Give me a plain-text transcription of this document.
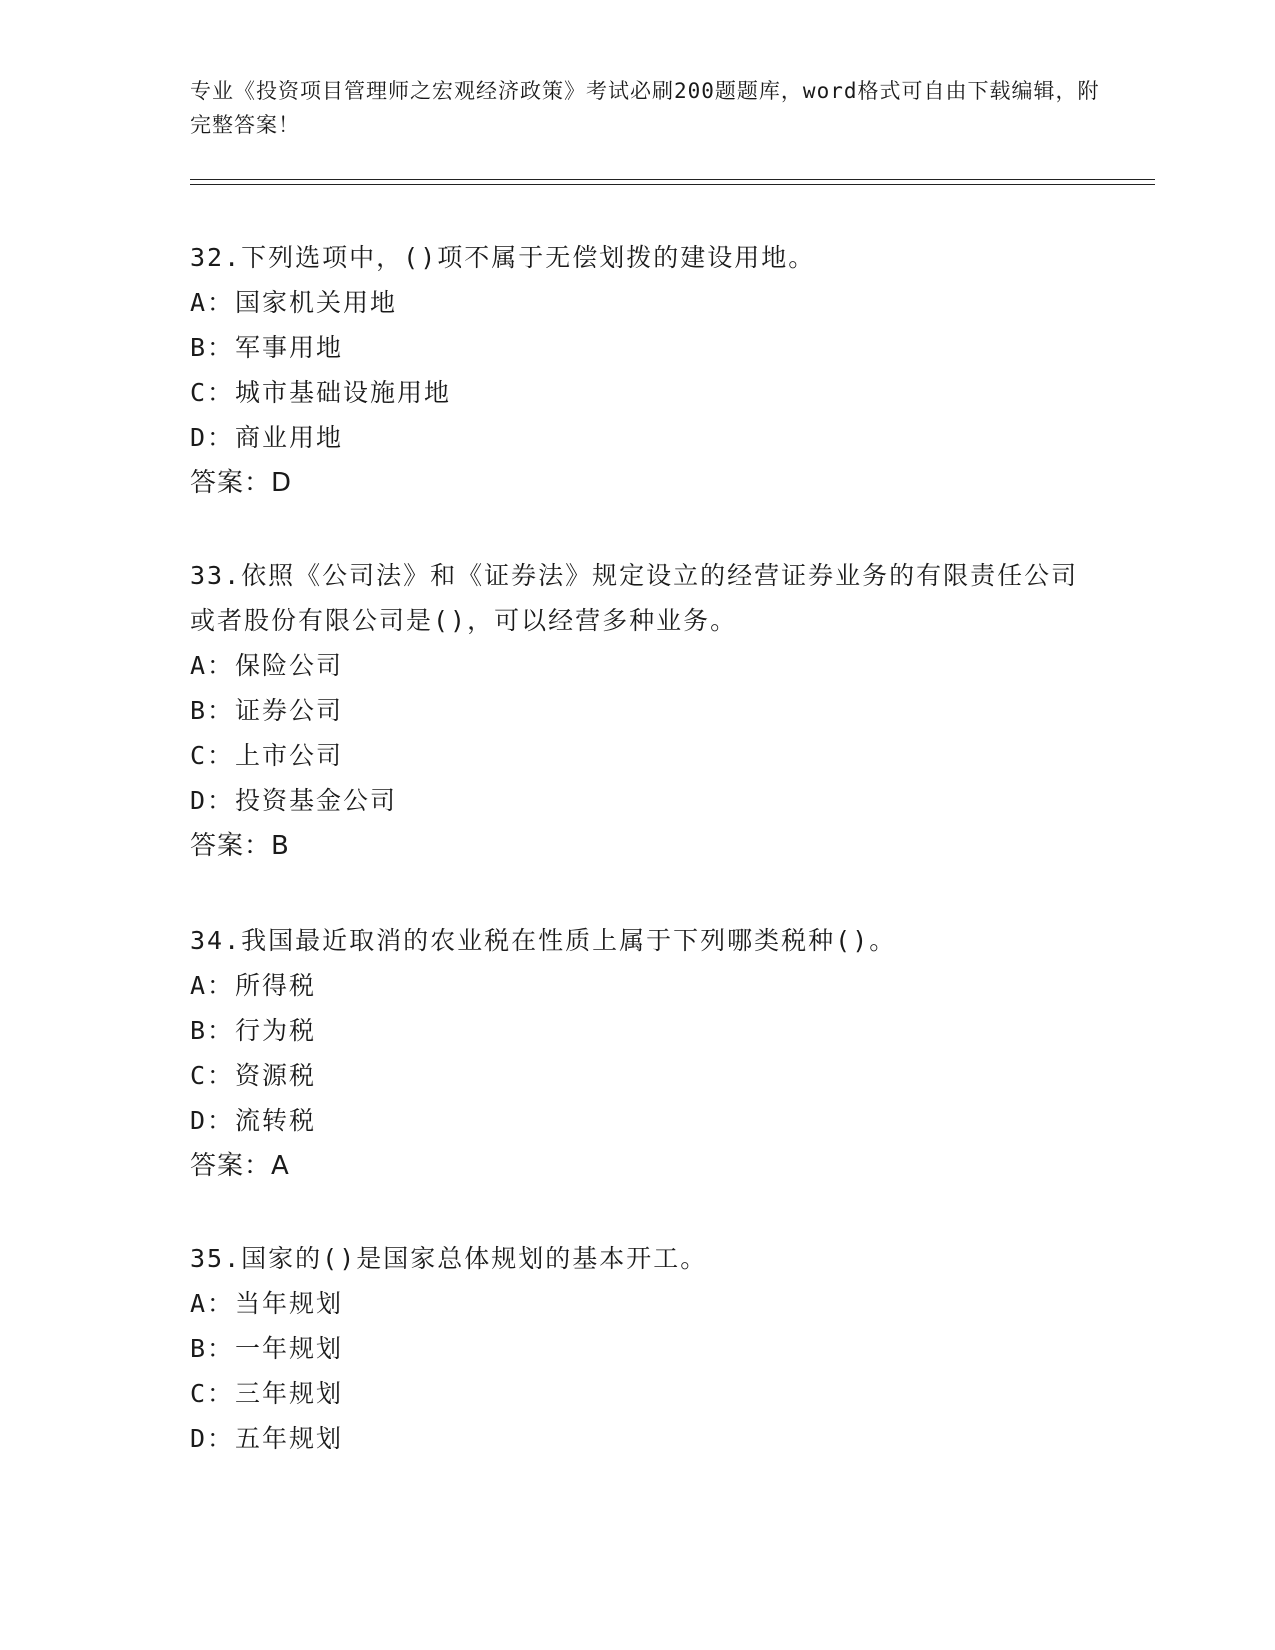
专业《投资项目管理师之宏观经济政策》考试必刷200题题库，word格式可自由下载编辑，附完整答案！
32.下列选项中，()项不属于无偿划拨的建设用地。
A：国家机关用地
B：军事用地
C：城市基础设施用地
D：商业用地
答案：D
33.依照《公司法》和《证券法》规定设立的经营证券业务的有限责任公司或者股份有限公司是()，可以经营多种业务。
A：保险公司
B：证券公司
C：上市公司
D：投资基金公司
答案：B
34.我国最近取消的农业税在性质上属于下列哪类税种()。
A：所得税
B：行为税
C：资源税
D：流转税
答案：A
35.国家的()是国家总体规划的基本开工。
A：当年规划
B：一年规划
C：三年规划
D：五年规划
